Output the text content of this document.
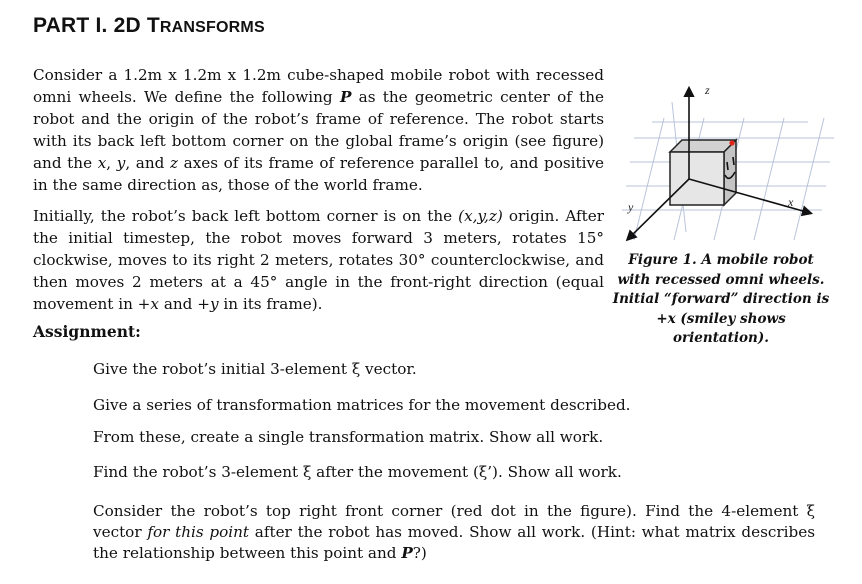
PART I. 2D TRANSFORMS

Consider a 1.2m x 1.2m x 1.2m cube-shaped mobile robot with recessed omni wheels. We define the following P as the geometric center of the robot and the origin of the robot’s frame of reference. The robot starts with its back left bottom corner on the global frame’s origin (see figure) and the x, y, and z axes of its frame of reference parallel to, and positive in the same direction as, those of the world frame.

Initially, the robot’s back left bottom corner is on the (x,y,z) origin. After the initial timestep, the robot moves forward 3 meters, rotates 15° clockwise, moves to its right 2 meters, rotates 30° counterclockwise, and then moves 2 meters at a 45° angle in the front-right direction (equal movement in +x and +y in its frame).

Assignment:

Give the robot’s initial 3-element ξ vector.

Give a series of transformation matrices for the movement described.

From these, create a single transformation matrix. Show all work.

Find the robot’s 3-element ξ after the movement (ξ’). Show all work.

Consider the robot’s top right front corner (red dot in the figure). Find the 4-element ξ vector for this point after the robot has moved. Show all work. (Hint: what matrix describes the relationship between this point and P?)

z
y	x

Figure 1. A mobile robot with recessed omni wheels. Initial “forward” direction is +x (smiley shows orientation).
